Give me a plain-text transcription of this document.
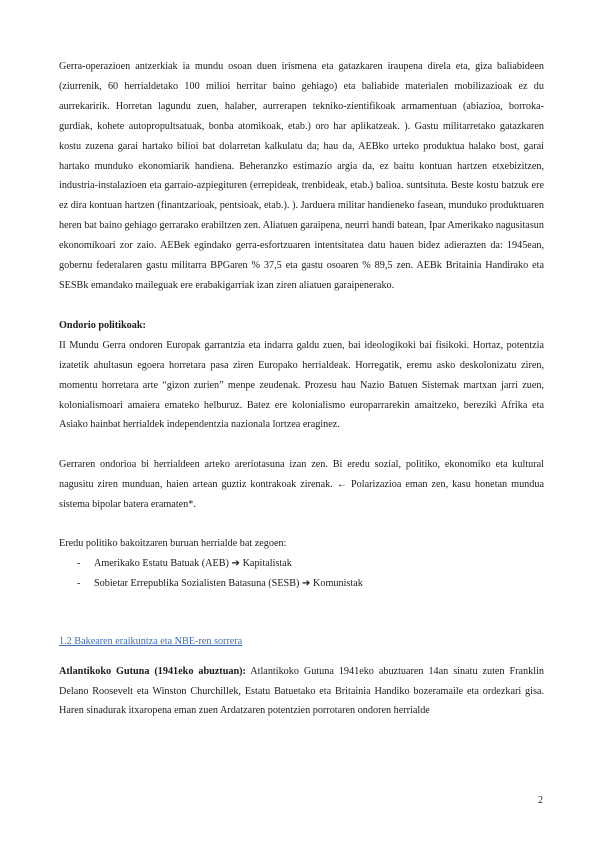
Gerra-operazioen antzerkiak ia mundu osoan duen irismena eta gatazkaren iraupena direla eta, giza baliabideen (ziurrenik, 60 herrialdetako 100 milioi herritar baino gehiago) eta baliabide materialen mobilizazioak ez du aurrekaririk. Horretan lagundu zuen, halaber, aurrerapen tekniko-zientifikoak armamentuan (abiazioa, borroka-gurdiak, kohete autopropultsatuak, bonba atomikoak, etab.) oro har aplikatzeak. ). Gastu militarretako gatazkaren kostu zuzena garai hartako bilioi bat dolarretan kalkulatu da; hau da, AEBko urteko produktua halako bost, garai hartako munduko ekonomiarik handiena. Beheranzko estimazio argia da, ez baitu kontuan hartzen etxebizitzen, industria-instalazioen eta garraio-azpiegituren (errepideak, trenbideak, etab.) balioa. suntsituta. Beste kostu batzuk ere ez dira kontuan hartzen (finantzarioak, pentsioak, etab.). ). Jarduera militar handieneko fasean, munduko produktuaren heren bat baino gehiago gerrarako erabiltzen zen. Aliatuen garaipena, neurri handi batean, Ipar Amerikako nagusitasun ekonomikoari zor zaio. AEBek egindako gerra-esfortzuaren intentsitatea datu hauen bidez adierazten da: 1945ean, gobernu federalaren gastu militarra BPGaren % 37,5 eta gastu osoaren % 89,5 zen. AEBk Britainia Handirako eta SESBk emandako maileguak ere erabakigarriak izan ziren aliatuen garaipenerako.

Ondorio politikoak:

II Mundu Gerra ondoren Europak garrantzia eta indarra galdu zuen, bai ideologikoki bai fisikoki. Hortaz, potentzia izatetik ahultasun egoera horretara pasa ziren Europako herrialdeak. Horregatik, eremu asko deskolonizatu ziren, momentu horretara arte “gizon zurien” menpe zeudenak. Prozesu hau Nazio Batuen Sistemak martxan jarri zuen, kolonialismoari amaiera emateko helburuz. Batez ere kolonialismo europarrarekin amaitzeko, bereziki Afrika eta Asiako hainbat herrialdek independentzia nazionala lortzea eraginez.

Gerraren ondorioa bi herrialdeen arteko areriotasuna izan zen. Bi eredu sozial, politiko, ekonomiko eta kultural nagusitu ziren munduan, haien artean guztiz kontrakoak zirenak. ← Polarizazioa eman zen, kasu honetan mundua sistema bipolar batera eramaten*.

Eredu politiko bakoitzaren buruan herrialde bat zegoen:

-	Amerikako Estatu Batuak (AEB) ➔ Kapitalistak
-	Sobietar Errepublika Sozialisten Batasuna (SESB) ➔ Komunistak

1.2 Bakearen eraikuntza eta NBE-ren sorrera

Atlantikoko Gutuna (1941eko abuztuan): Atlantikoko Gutuna 1941eko abuztuaren 14an sinatu zuten Franklin Delano Roosevelt eta Winston Churchillek, Estatu Batuetako eta Britainia Handiko bozeramaile eta ordezkari gisa. Haren sinadurak itxaropena eman zuen Ardatzaren potentzien porrotaren ondoren herrialde

2
